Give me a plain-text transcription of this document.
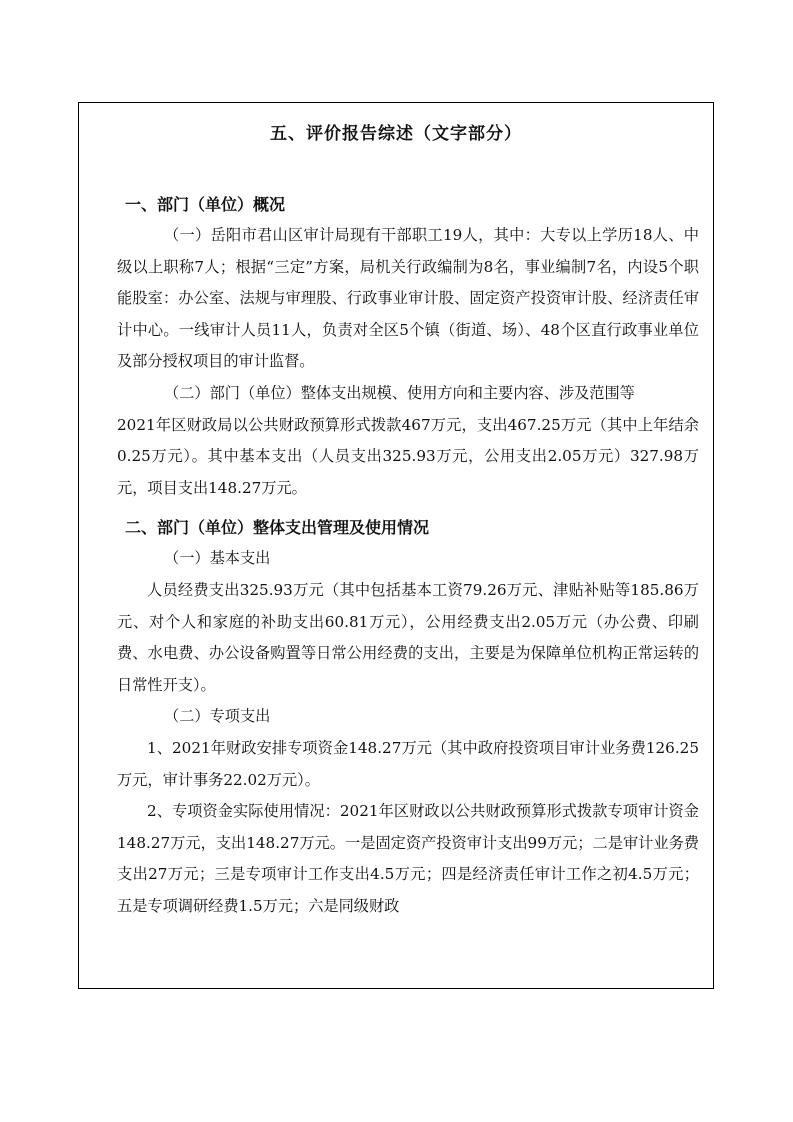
五、评价报告综述（文字部分）
一、部门（单位）概况

（一）岳阳市君山区审计局现有干部职工19人，其中：大专以上学历18人、中级以上职称7人；根据“三定”方案，局机关行政编制为8名，事业编制7名，内设5个职能股室：办公室、法规与审理股、行政事业审计股、固定资产投资审计股、经济责任审计中心。一线审计人员11人，负责对全区5个镇（街道、场）、48个区直行政事业单位及部分授权项目的审计监督。

（二）部门（单位）整体支出规模、使用方向和主要内容、涉及范围等

2021年区财政局以公共财政预算形式拨款467万元，支出467.25万元（其中上年结余0.25万元）。其中基本支出（人员支出325.93万元，公用支出2.05万元）327.98万元，项目支出148.27万元。

二、部门（单位）整体支出管理及使用情况

（一）基本支出

人员经费支出325.93万元（其中包括基本工资79.26万元、津贴补贴等185.86万元、对个人和家庭的补助支出60.81万元），公用经费支出2.05万元（办公费、印刷费、水电费、办公设备购置等日常公用经费的支出，主要是为保障单位机构正常运转的日常性开支）。

（二）专项支出

1、2021年财政安排专项资金148.27万元（其中政府投资项目审计业务费126.25万元，审计事务22.02万元）。

2、专项资金实际使用情况：2021年区财政以公共财政预算形式拨款专项审计资金148.27万元，支出148.27万元。一是固定资产投资审计支出99万元；二是审计业务费支出27万元；三是专项审计工作支出4.5万元；四是经济责任审计工作之初4.5万元；五是专项调研经费1.5万元；六是同级财政
